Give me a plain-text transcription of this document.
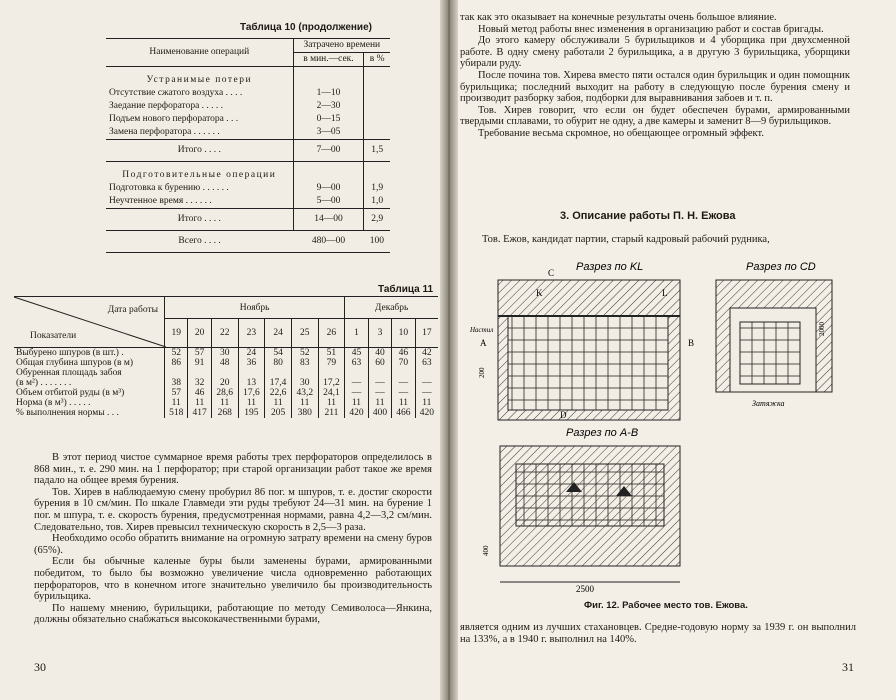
Таблица 10 (продолжение)
Наименование операций	Затрачено времени	
	в мин.—сек.	в %
Устранимые потери		
Отсутствие сжатого воздуха . . . .	1—10	
Заедание перфоратора . . . . .	2—30	
Подъем нового перфоратора . . .	0—15	
Замена перфоратора . . . . . .	3—05	
Итого . . . .	7—00	1,5
Подготовительные операции		
Подготовка к бурению . . . . . .	9—00	1,9
Неучтенное время . . . . . .	5—00	1,0
Итого . . . .	14—00	2,9
Всего . . . .	480—00	100
Таблица 11
Дата работы
Показатели	Ноябрь							Декабрь			
	19	20	22	23	24	25	26	1	3	10	17
Выбурено шпуров (в шт.) .	52	57	30	24	54	52	51	45	40	46	42
Общая глубина шпуров (в м)	86	91	48	36	80	83	79	63	60	70	63
Обуренная площадь забоя											
(в м²) . . . . . . .	38	32	20	13	17,4	30	17,2	—	—	—	—
Объем отбитой руды (в м³)	57	46	28,6	17,6	22,6	43,2	24,1	—	—	—	—
Норма (в м³) . . . . .	11	11	11	11	11	11	11	11	11	11	11
% выполнения нормы . . .	518	417	268	195	205	380	211	420	400	466	420

В этот период чистое суммарное время работы трех перфораторов определилось в 868 мин., т. е. 290 мин. на 1 перфоратор; при старой организации работ такое же время падало на общее время бурения.

Тов. Хирев в наблюдаемую смену пробурил 86 пог. м шпуров, т. е. достиг скорости бурения в 10 см/мин. По шкале Главмеди эти руды требуют 24—31 мин. на бурение 1 пог. м шпура, т. е. скорость бурения, предусмотренная нормами, равна 4,2—3,2 см/мин. Следовательно, тов. Хирев превысил техническую скорость в 2,5—3 раза.

Необходимо особо обратить внимание на огромную затрату времени на смену буров (65%).

Если бы обычные каленые буры были заменены бурами, армированными победитом, то было бы возможно увеличение числа одновременно работающих перфораторов, что в конечном итоге значительно увеличило бы производительность бурильщика.

По нашему мнению, бурильщики, работающие по методу Семиволоса—Янкина, должны обязательно снабжаться высококачественными бурами,

30

так как это оказывает на конечные результаты очень большое влияние.

Новый метод работы внес изменения в организацию работ и состав бригады.

До этого камеру обслуживали 5 бурильщиков и 4 уборщика при двухсменной работе. В одну смену работали 2 бурильщика, а в другую 3 бурильщика, уборщики убирали руду.

После почина тов. Хирева вместо пяти остался один бурильщик и один помощник бурильщика; последний выходит на работу в следующую после бурения смену и производит разборку забоя, подборки для выравнивания забоев и т. п.

Тов. Хирев говорит, что если он будет обеспечен бурами, армированными твердыми сплавами, то обурит не одну, а две камеры и заменит 8—9 бурильщиков.

Требование весьма скромное, но обещающее огромный эффект.

3. Описание работы П. Н. Ежова
Тов. Ежов, кандидат партии, старый кадровый рабочий рудника,
Разрез по KL
C
K	L
D
A	B
Настил
200
Разрез по CD
2000
Затяжка
Разрез по А-В
2500
400
Фиг. 12. Рабочее место тов. Ежова.

является одним из лучших стахановцев. Средне-годовую норму за 1939 г. он выполнил на 133%, а в 1940 г. выполнил на 140%.

31
